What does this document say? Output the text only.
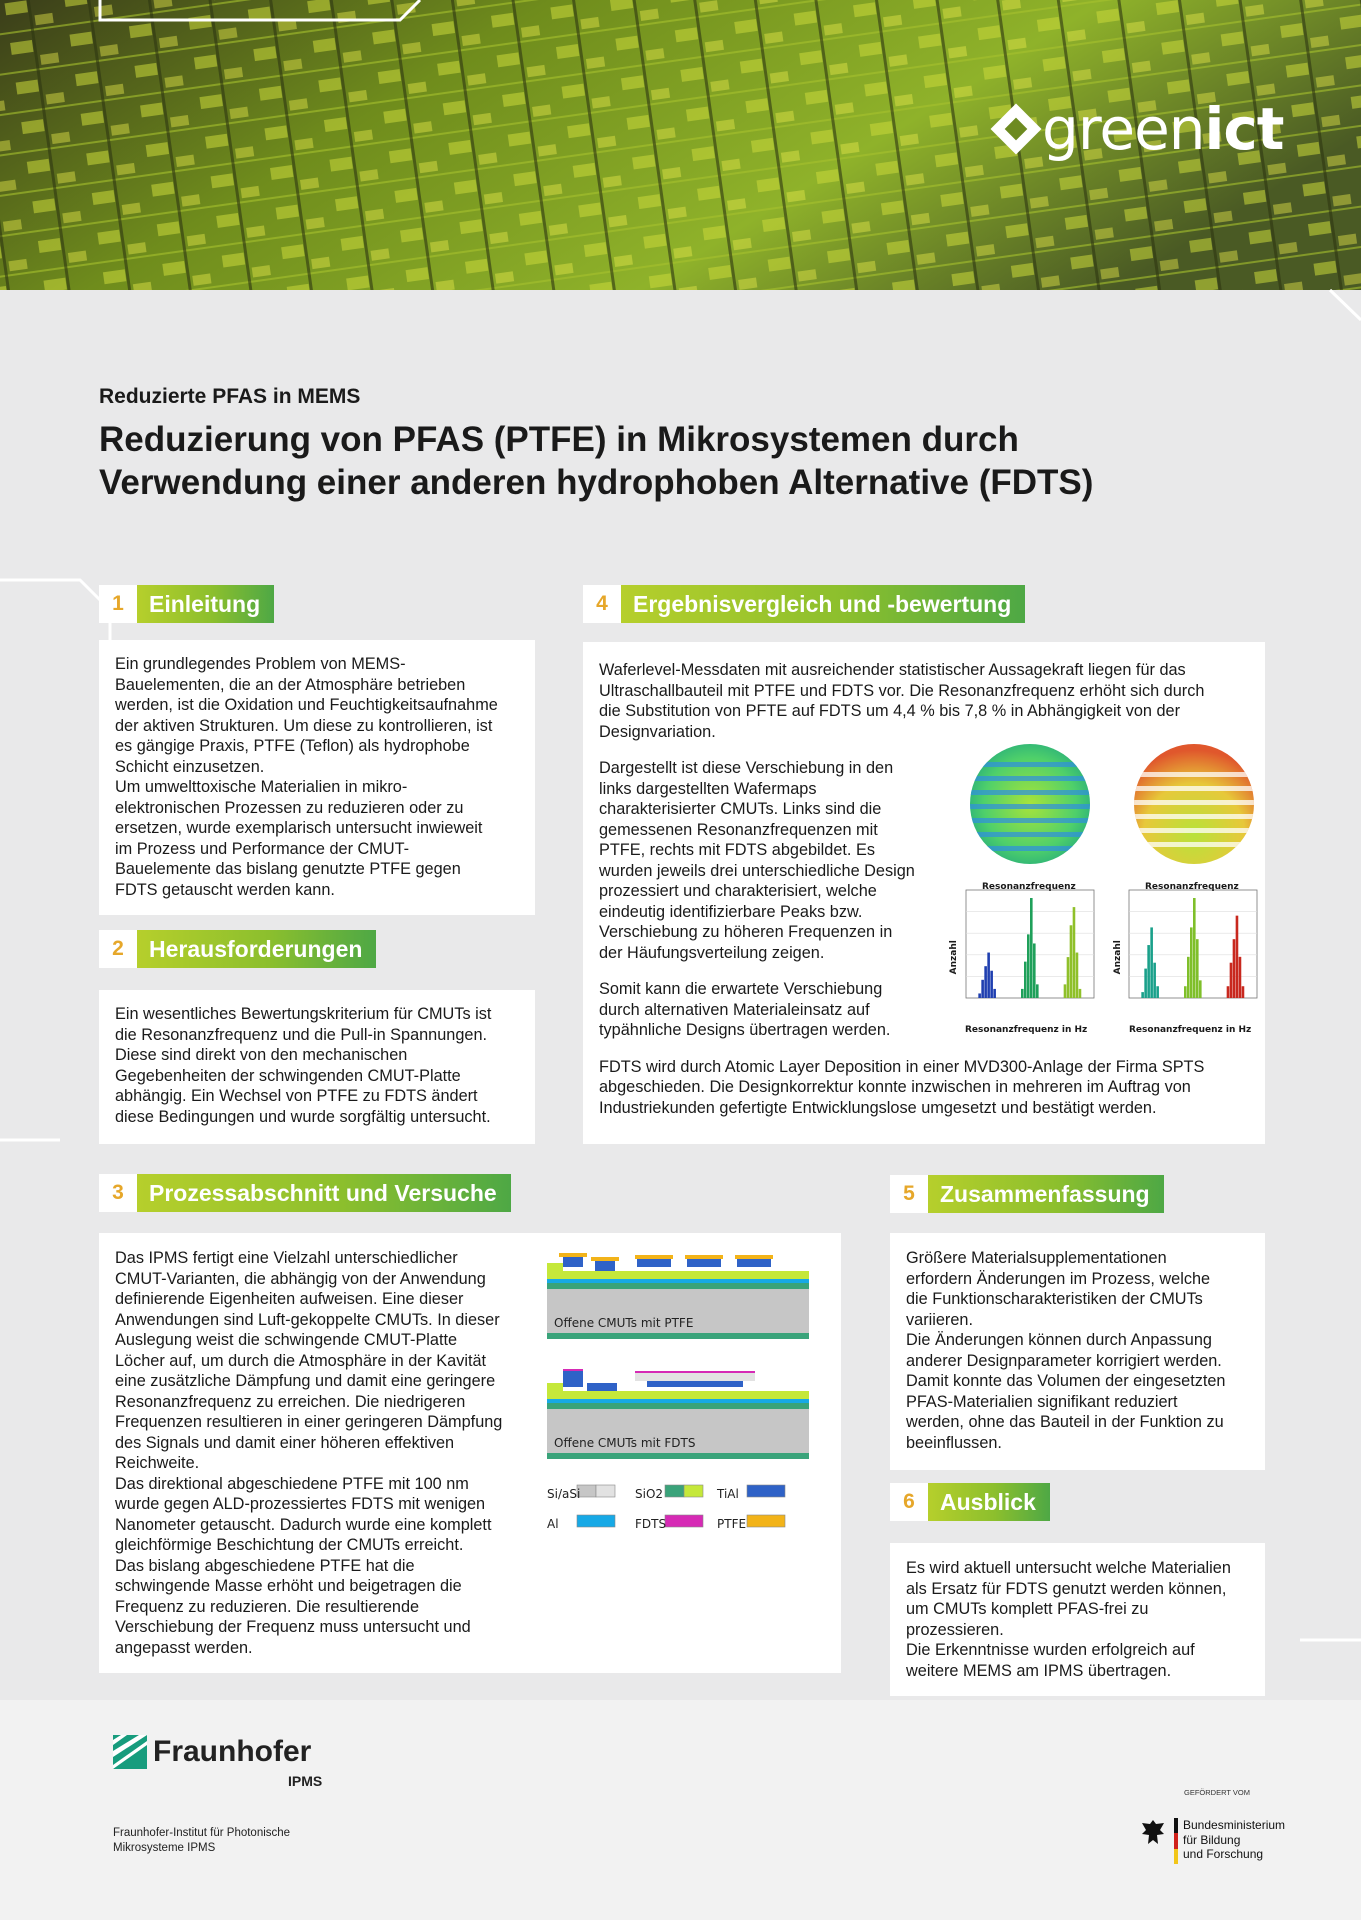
green ict
Reduzierte PFAS in MEMS
Reduzierung von PFAS (PTFE) in Mikrosystemen durch
Verwendung einer anderen hydrophoben Alternative (FDTS)
1	Einleitung
Ein grundlegendes Problem von MEMS-
Bauelementen, die an der Atmosphäre betrieben
werden, ist die Oxidation und Feuchtigkeitsaufnahme
der aktiven Strukturen. Um diese zu kontrollieren, ist
es gängige Praxis, PTFE (Teflon) als hydrophobe
Schicht einzusetzen.
Um umwelttoxische Materialien in mikro-
elektronischen Prozessen zu reduzieren oder zu
ersetzen, wurde exemplarisch untersucht inwieweit
im Prozess und Performance der CMUT-
Bauelemente das bislang genutzte PTFE gegen
FDTS getauscht werden kann.
2	Herausforderungen
Ein wesentliches Bewertungskriterium für CMUTs ist
die Resonanzfrequenz und die Pull-in Spannungen.
Diese sind direkt von den mechanischen
Gegebenheiten der schwingenden CMUT-Platte
abhängig. Ein Wechsel von PTFE zu FDTS ändert
diese Bedingungen und wurde sorgfältig untersucht.
4	Ergebnisvergleich und -bewertung
Waferlevel-Messdaten mit ausreichender statistischer Aussagekraft liegen für das
Ultraschallbauteil mit PTFE und FDTS vor. Die Resonanzfrequenz erhöht sich durch
die Substitution von PFTE auf FDTS um 4,4 % bis 7,8 % in Abhängigkeit von der
Designvariation.
Dargestellt ist diese Verschiebung in den
links dargestellten Wafermaps
charakterisierter CMUTs. Links sind die
gemessenen Resonanzfrequenzen mit
PTFE, rechts mit FDTS abgebildet. Es
wurden jeweils drei unterschiedliche Design
prozessiert und charakterisiert, welche
eindeutig identifizierbare Peaks bzw.
Verschiebung zu höheren Frequenzen in
der Häufungsverteilung zeigen.
Somit kann die erwartete Verschiebung
durch alternativen Materialeinsatz auf
typähnliche Designs übertragen werden.
FDTS wird durch Atomic Layer Deposition in einer MVD300-Anlage der Firma SPTS
abgeschieden. Die Designkorrektur konnte inzwischen in mehreren im Auftrag von
Industriekunden gefertigte Entwicklungslose umgesetzt und bestätigt werden.
Resonanzfrequenz	Resonanzfrequenz
Resonanzfrequenz in Hz	Resonanzfrequenz in Hz
Anzahl	Anzahl
3	Prozessabschnitt und Versuche
Das IPMS fertigt eine Vielzahl unterschiedlicher
CMUT-Varianten, die abhängig von der Anwendung
definierende Eigenheiten aufweisen. Eine dieser
Anwendungen sind Luft-gekoppelte CMUTs. In dieser
Auslegung weist die schwingende CMUT-Platte
Löcher auf, um durch die Atmosphäre in der Kavität
eine zusätzliche Dämpfung und damit eine geringere
Resonanzfrequenz zu erreichen. Die niedrigeren
Frequenzen resultieren in einer geringeren Dämpfung
des Signals und damit einer höheren effektiven
Reichweite.
Das direktional abgeschiedene PTFE mit 100 nm
wurde gegen ALD-prozessiertes FDTS mit wenigen
Nanometer getauscht. Dadurch wurde eine komplett
gleichförmige Beschichtung der CMUTs erreicht.
Das bislang abgeschiedene PTFE hat die
schwingende Masse erhöht und beigetragen die
Frequenz zu reduzieren. Die resultierende
Verschiebung der Frequenz muss untersucht und
angepasst werden.
Offene CMUTs mit PTFE
Offene CMUTs mit FDTS
Si/aSi	SiO2	TiAl
Al	FDTS	PTFE
5	Zusammenfassung
Größere Materialsupplementationen
erfordern Änderungen im Prozess, welche
die Funktionscharakteristiken der CMUTs
variieren.
Die Änderungen können durch Anpassung
anderer Designparameter korrigiert werden.
Damit konnte das Volumen der eingesetzten
PFAS-Materialien signifikant reduziert
werden, ohne das Bauteil in der Funktion zu
beeinflussen.
6	Ausblick
Es wird aktuell untersucht welche Materialien
als Ersatz für FDTS genutzt werden können,
um CMUTs komplett PFAS-frei zu
prozessieren.
Die Erkenntnisse wurden erfolgreich auf
weitere MEMS am IPMS übertragen.
Fraunhofer
IPMS
Fraunhofer-Institut für Photonische
Mikrosysteme IPMS
GEFÖRDERT VOM
Bundesministerium
für Bildung
und Forschung
